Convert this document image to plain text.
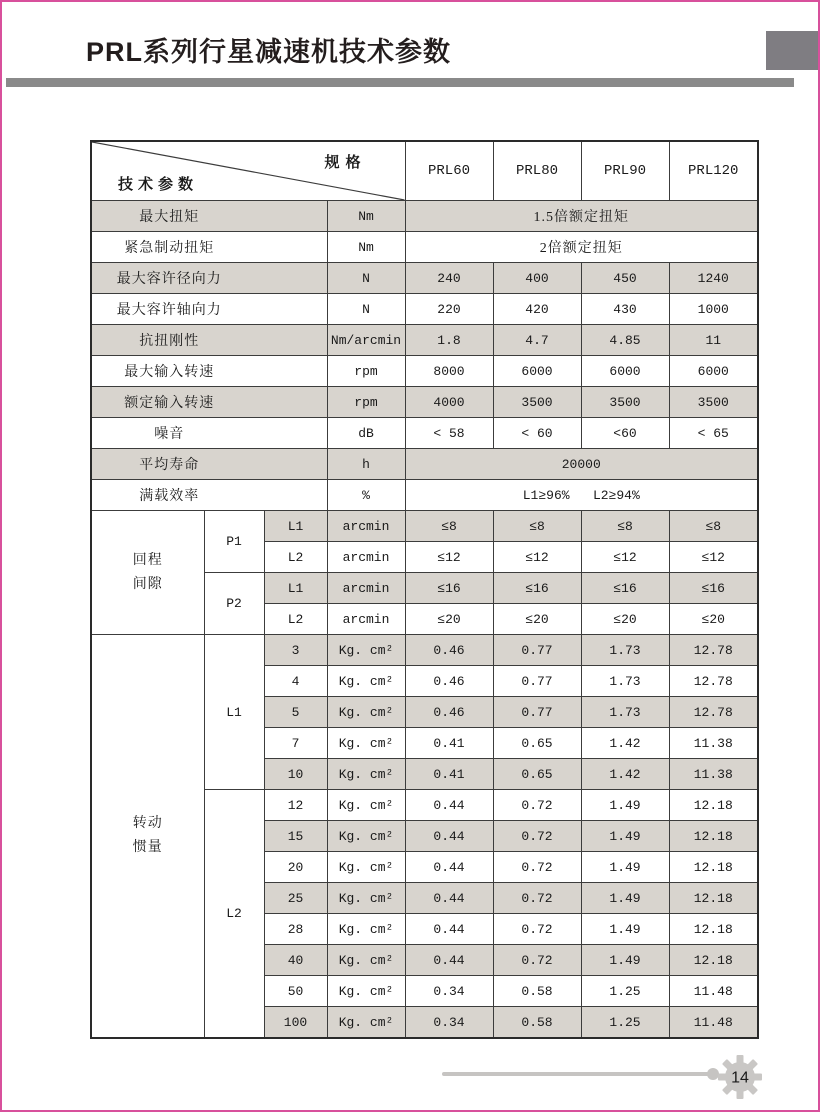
PRL系列行星减速机技术参数
规格
技术参数				PRL60	PRL80	PRL90	PRL120
最大扭矩			Nm	1.5倍额定扭矩			
紧急制动扭矩			Nm	2倍额定扭矩			
最大容许径向力			N	240	400	450	1240
最大容许轴向力			N	220	420	430	1000
抗扭刚性			Nm/arcmin	1.8	4.7	4.85	11
最大输入转速			rpm	8000	6000	6000	6000
额定输入转速			rpm	4000	3500	3500	3500
噪音			dB	< 58	< 60	<60	< 65
平均寿命			h	20000			
满载效率			%	L1≥96%   L2≥94%			

回程
间隙	P1	L1	arcmin	≤8	≤8	≤8	≤8
		L2	arcmin	≤12	≤12	≤12	≤12
	P2	L1	arcmin	≤16	≤16	≤16	≤16
		L2	arcmin	≤20	≤20	≤20	≤20

转动
惯量	L1	3	Kg. cm²	0.46	0.77	1.73	12.78
		4	Kg. cm²	0.46	0.77	1.73	12.78
		5	Kg. cm²	0.46	0.77	1.73	12.78
		7	Kg. cm²	0.41	0.65	1.42	11.38
		10	Kg. cm²	0.41	0.65	1.42	11.38
	L2	12	Kg. cm²	0.44	0.72	1.49	12.18
		15	Kg. cm²	0.44	0.72	1.49	12.18
		20	Kg. cm²	0.44	0.72	1.49	12.18
		25	Kg. cm²	0.44	0.72	1.49	12.18
		28	Kg. cm²	0.44	0.72	1.49	12.18
		40	Kg. cm²	0.44	0.72	1.49	12.18
		50	Kg. cm²	0.34	0.58	1.25	11.48
		100	Kg. cm²	0.34	0.58	1.25	11.48
14
